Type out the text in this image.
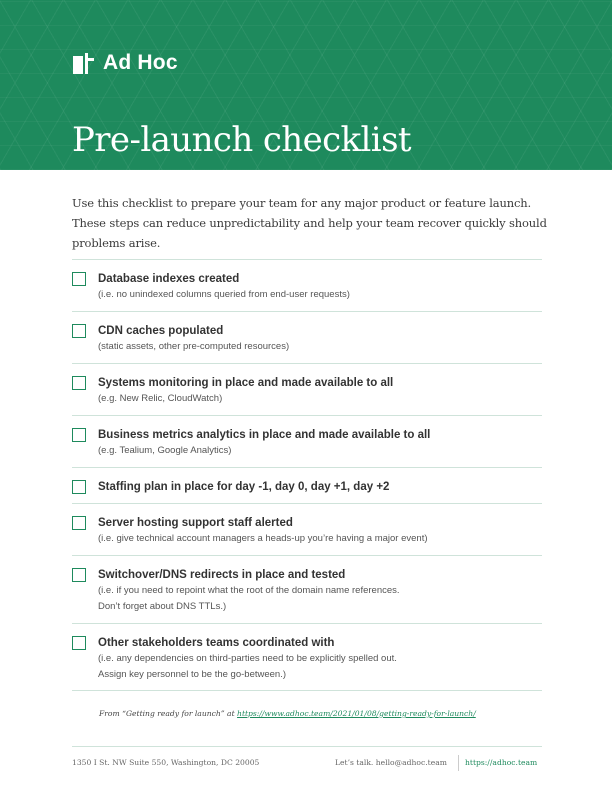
Ad Hoc
Pre-launch checklist

Use this checklist to prepare your team for any major product or feature launch.
These steps can reduce unpredictability and help your team recover quickly should
problems arise.

Database indexes created
(i.e. no unindexed columns queried from end-user requests)
CDN caches populated
(static assets, other pre-computed resources)
Systems monitoring in place and made available to all
(e.g. New Relic, CloudWatch)
Business metrics analytics in place and made available to all
(e.g. Tealium, Google Analytics)
Staffing plan in place for day -1, day 0, day +1, day +2
Server hosting support staff alerted
(i.e. give technical account managers a heads-up you’re having a major event)
Switchover/DNS redirects in place and tested
(i.e. if you need to repoint what the root of the domain name references.
Don’t forget about DNS TTLs.)
Other stakeholders teams coordinated with
(i.e. any dependencies on third-parties need to be explicitly spelled out.
Assign key personnel to be the go-between.)
From “Getting ready for launch” at https://www.adhoc.team/2021/01/08/getting-ready-for-launch/
1350 I St. NW Suite 550, Washington, DC 20005	Let’s talk. hello@adhoc.team https://adhoc.team
